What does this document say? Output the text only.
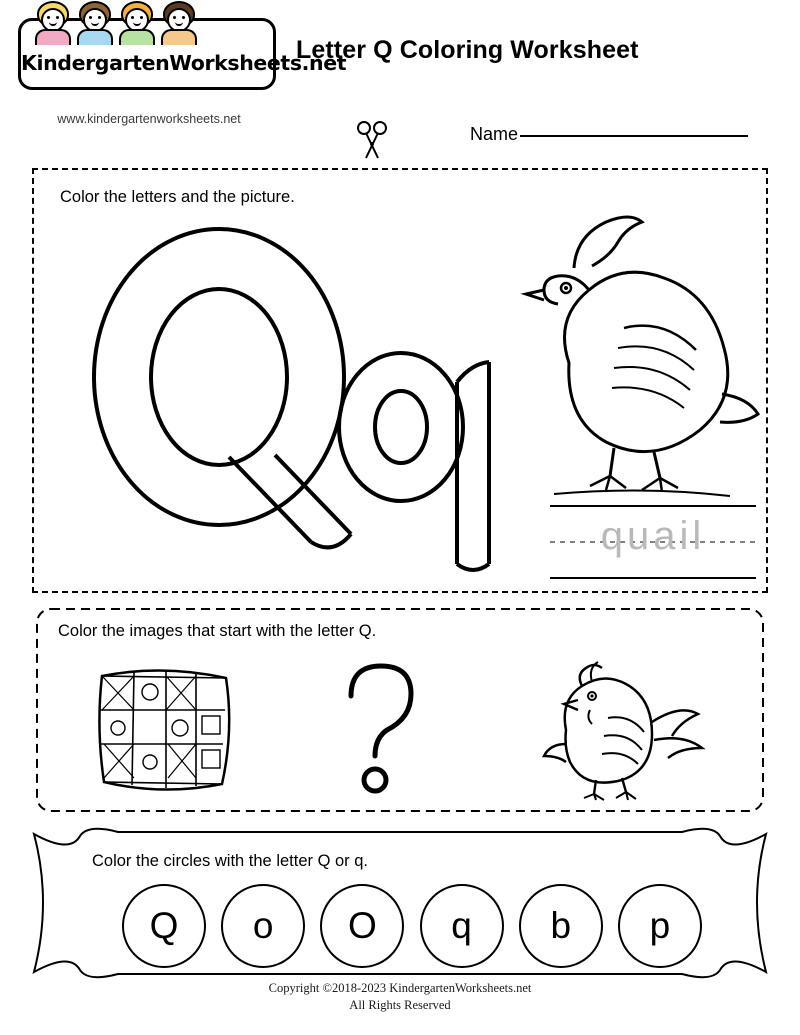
KindergartenWorksheets.net
www.kindergartenworksheets.net
Letter Q Coloring Worksheet
Name
Color the letters and the picture.
quail
Color the images that start with the letter Q.
Color the circles with the letter Q or q.
Q	o	O	q	b	p
Copyright ©2018-2023 KindergartenWorksheets.net
All Rights Reserved
